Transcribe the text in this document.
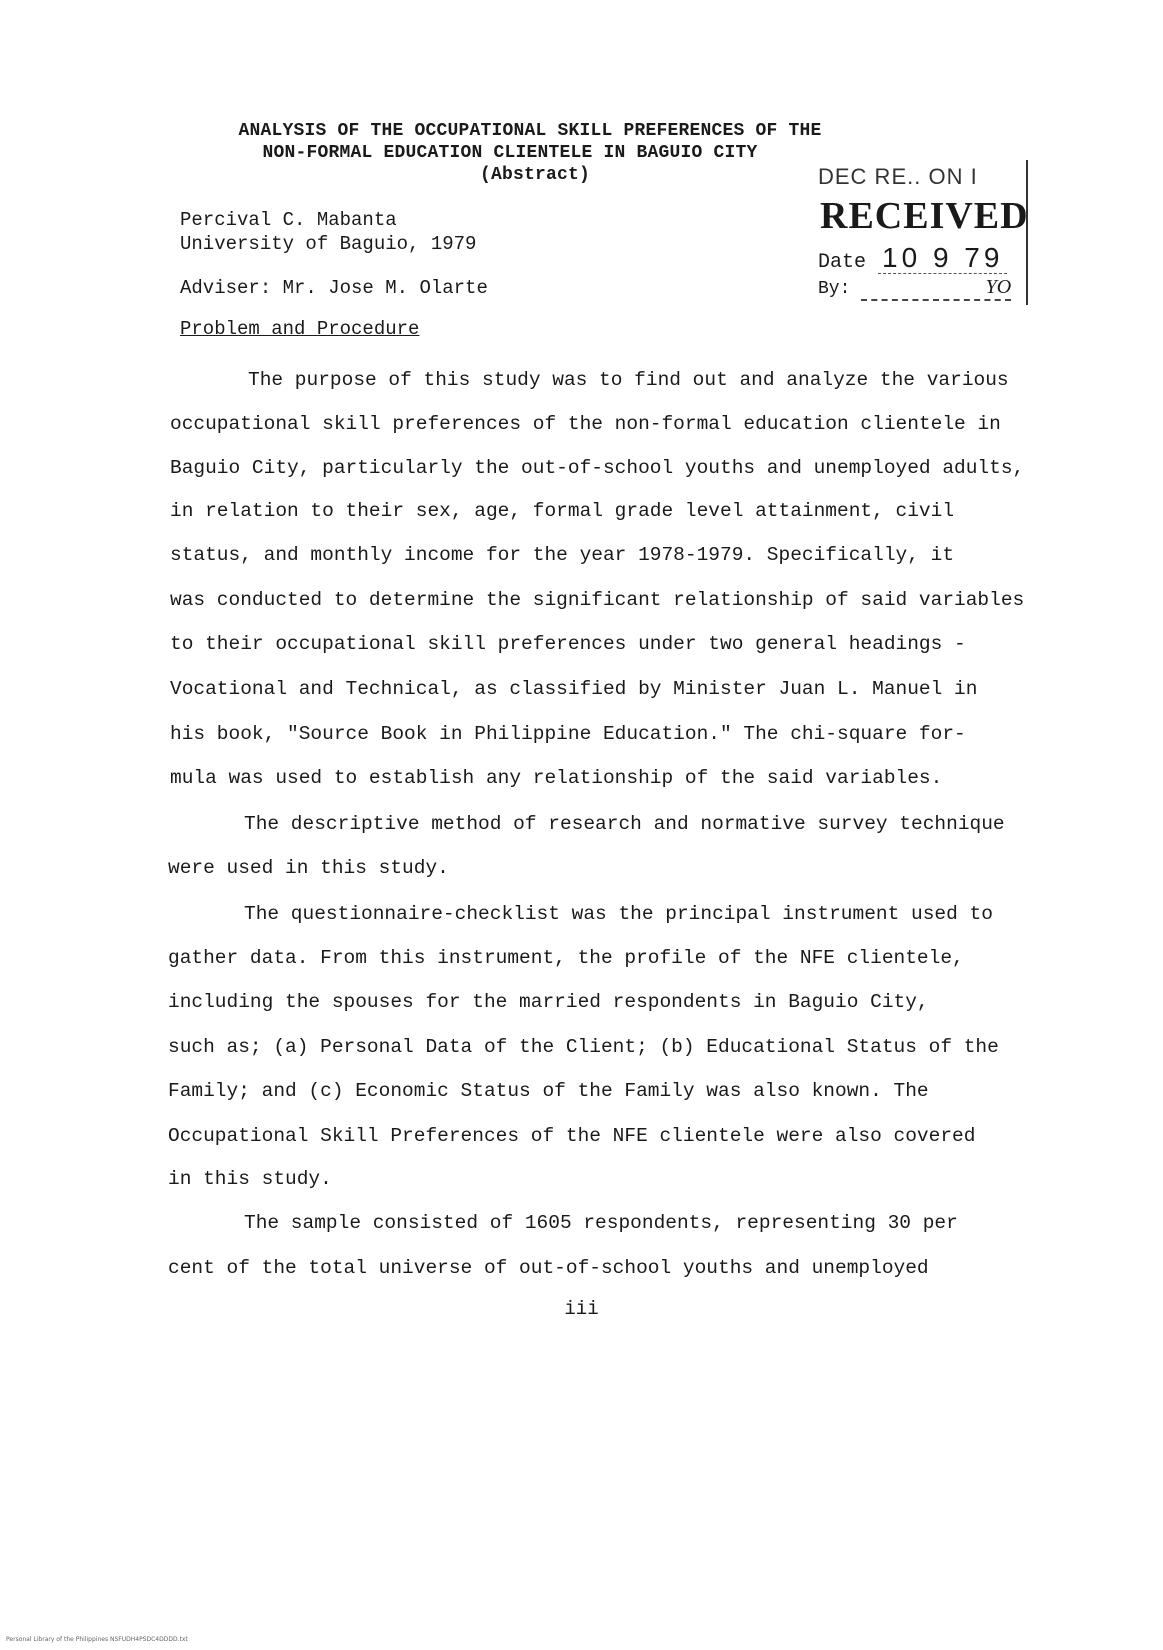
ANALYSIS OF THE OCCUPATIONAL SKILL PREFERENCES OF THE
NON-FORMAL EDUCATION CLIENTELE IN BAGUIO CITY
(Abstract)
Percival C. Mabanta
University of Baguio, 1979
Adviser: Mr. Jose M. Olarte
DEC RE.. ON I
RECEIVED
Date 10 9 79
By:	YO
Problem and Procedure
The purpose of this study was to find out and analyze the various
occupational skill preferences of the non-formal education clientele in
Baguio City, particularly the out-of-school youths and unemployed adults,
in relation to their sex, age, formal grade level attainment, civil
status, and monthly income for the year 1978-1979. Specifically, it
was conducted to determine the significant relationship of said variables
to their occupational skill preferences under two general headings -
Vocational and Technical, as classified by Minister Juan L. Manuel in
his book, "Source Book in Philippine Education." The chi-square for-
mula was used to establish any relationship of the said variables.
The descriptive method of research and normative survey technique
were used in this study.
The questionnaire-checklist was the principal instrument used to
gather data. From this instrument, the profile of the NFE clientele,
including the spouses for the married respondents in Baguio City,
such as; (a) Personal Data of the Client; (b) Educational Status of the
Family; and (c) Economic Status of the Family was also known. The
Occupational Skill Preferences of the NFE clientele were also covered
in this study.
The sample consisted of 1605 respondents, representing 30 per
cent of the total universe of out-of-school youths and unemployed
iii
Personal Library of the Philippines NSFUDH4PSDC4DDDD.txt
